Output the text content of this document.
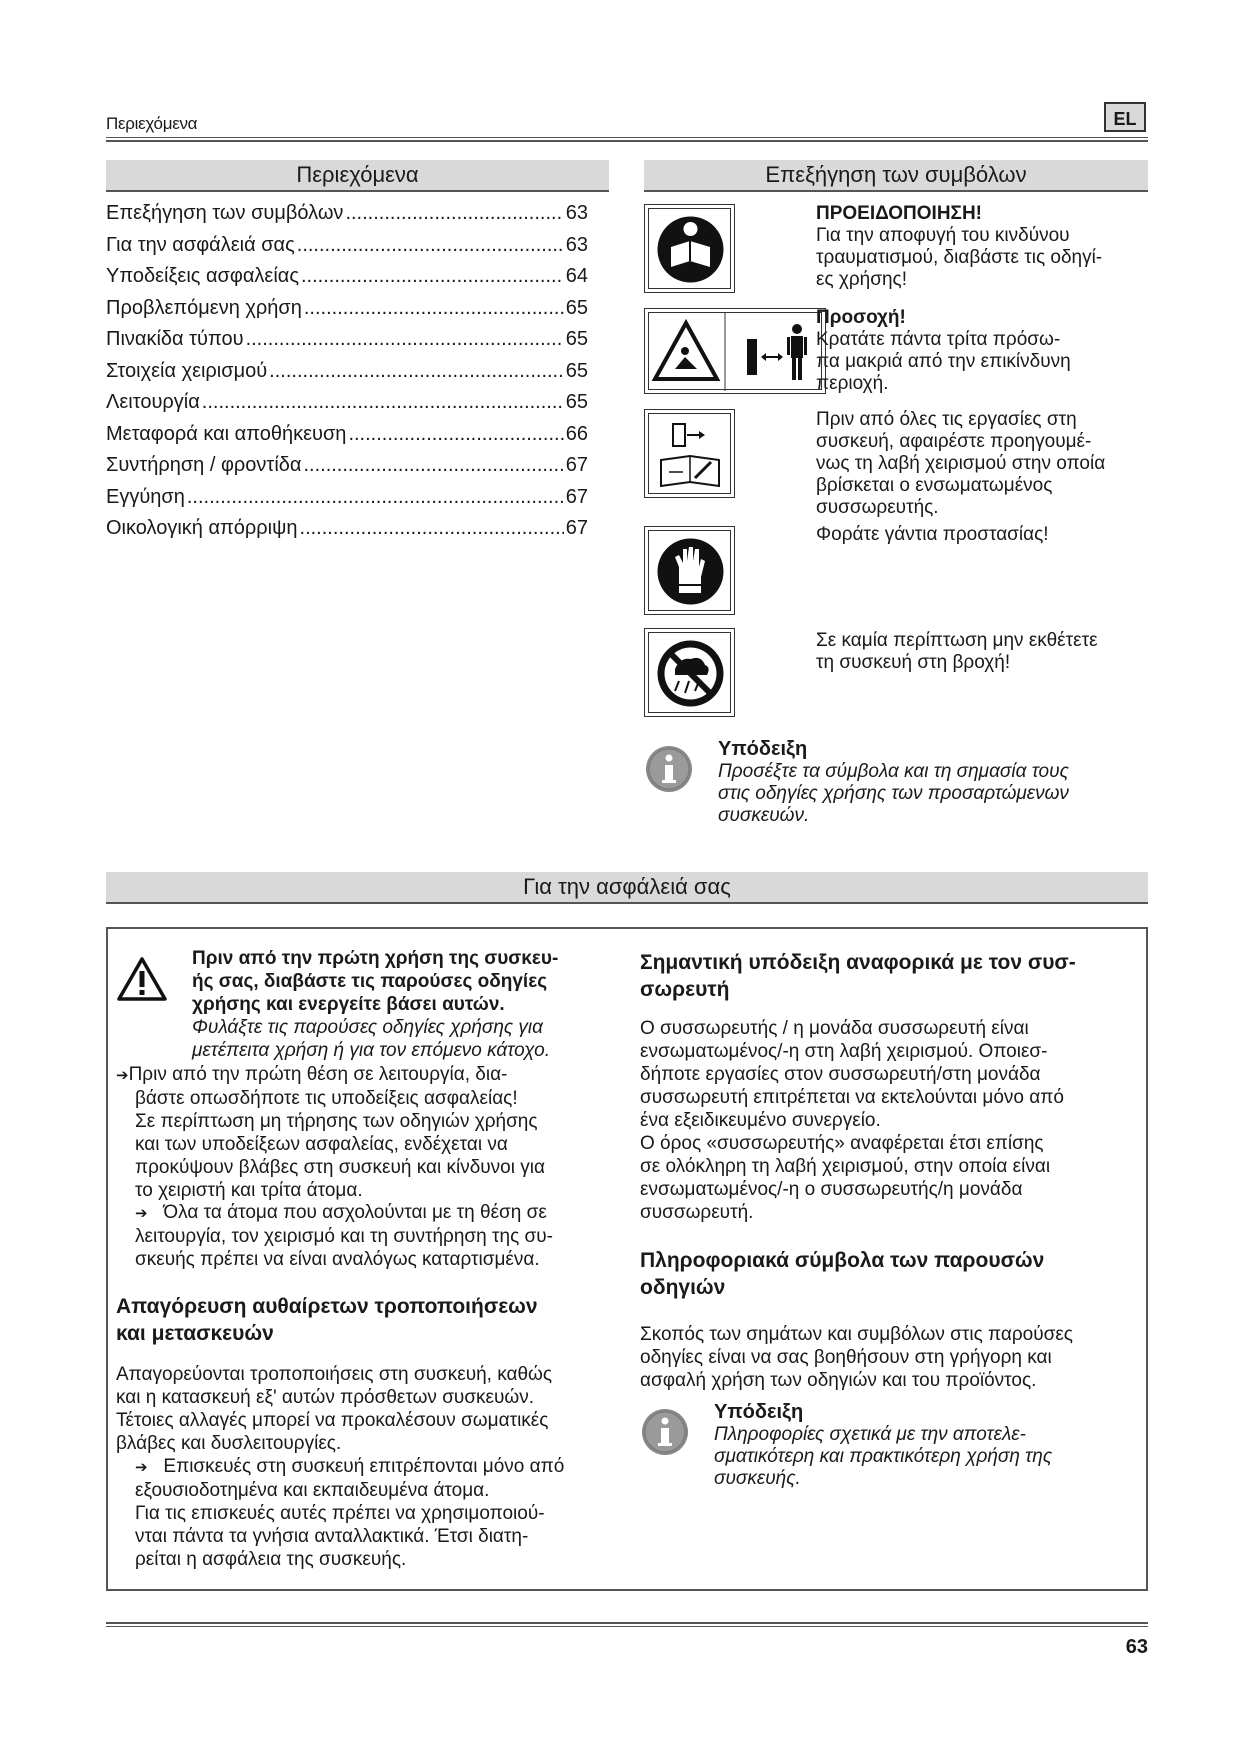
Περιεχόμενα	EL
Περιεχόμενα
Επεξήγηση των συμβόλων .....	63
Για την ασφάλειά σας .....	63
Υποδείξεις ασφαλείας .....	64
Προβλεπόμενη χρήση .....	65
Πινακίδα τύπου .....	65
Στοιχεία χειρισμού .....	65
Λειτουργία .....	65
Μεταφορά και αποθήκευση .....	66
Συντήρηση / φροντίδα .....	67
Εγγύηση .....	67
Οικολογική απόρριψη .....	67
Επεξήγηση των συμβόλων
ΠΡΟΕΙΔΟΠΟΙΗΣΗ!
Για την αποφυγή του κινδύνου
τραυματισμού, διαβάστε τις οδηγί-
ες χρήσης!
Προσοχή!
Κρατάτε πάντα τρίτα πρόσω-
πα μακριά από την επικίνδυνη
περιοχή.
Πριν από όλες τις εργασίες στη
συσκευή, αφαιρέστε προηγουμέ-
νως τη λαβή χειρισμού στην οποία
βρίσκεται ο ενσωματωμένος
συσσωρευτής.
Φοράτε γάντια προστασίας!
Σε καμία περίπτωση μην εκθέτετε
τη συσκευή στη βροχή!
Υπόδειξη
Προσέξτε τα σύμβολα και τη σημασία τους
στις οδηγίες χρήσης των προσαρτώμενων
συσκευών.
Για την ασφάλειά σας
Πριν από την πρώτη χρήση της συσκευ-
ής σας, διαβάστε τις παρούσες οδηγίες
χρήσης και ενεργείτε βάσει αυτών.
Φυλάξτε τις παρούσες οδηγίες χρήσης για
μετέπειτα χρήση ή για τον επόμενο κάτοχο.
➔Πριν από την πρώτη θέση σε λειτουργία, δια-
βάστε οπωσδήποτε τις υποδείξεις ασφαλείας!
Σε περίπτωση μη τήρησης των οδηγιών χρήσης
και των υποδείξεων ασφαλείας, ενδέχεται να
προκύψουν βλάβες στη συσκευή και κίνδυνοι για
το χειριστή και τρίτα άτομα.
➔ Όλα τα άτομα που ασχολούνται με τη θέση σε
λειτουργία, τον χειρισμό και τη συντήρηση της συ-
σκευής πρέπει να είναι αναλόγως καταρτισμένα.
Απαγόρευση αυθαίρετων τροποποιήσεων
και μετασκευών
Απαγορεύονται τροποποιήσεις στη συσκευή, καθώς
και η κατασκευή εξ' αυτών πρόσθετων συσκευών.
Τέτοιες αλλαγές μπορεί να προκαλέσουν σωματικές
βλάβες και δυσλειτουργίες.
➔ Επισκευές στη συσκευή επιτρέπονται μόνο από
εξουσιοδοτημένα και εκπαιδευμένα άτομα.
Για τις επισκευές αυτές πρέπει να χρησιμοποιού-
νται πάντα τα γνήσια ανταλλακτικά. Έτσι διατη-
ρείται η ασφάλεια της συσκευής.
Σημαντική υπόδειξη αναφορικά με τον συσ-
σωρευτή
Ο συσσωρευτής / η μονάδα συσσωρευτή είναι
ενσωματωμένος/-η στη λαβή χειρισμού. Οποιεσ-
δήποτε εργασίες στον συσσωρευτή/στη μονάδα
συσσωρευτή επιτρέπεται να εκτελούνται μόνο από
ένα εξειδικευμένο συνεργείο.
Ο όρος «συσσωρευτής» αναφέρεται έτσι επίσης
σε ολόκληρη τη λαβή χειρισμού, στην οποία είναι
ενσωματωμένος/-η ο συσσωρευτής/η μονάδα
συσσωρευτή.
Πληροφοριακά σύμβολα των παρουσών
οδηγιών
Σκοπός των σημάτων και συμβόλων στις παρούσες
οδηγίες είναι να σας βοηθήσουν στη γρήγορη και
ασφαλή χρήση των οδηγιών και του προϊόντος.
Υπόδειξη
Πληροφορίες σχετικά με την αποτελε-
σματικότερη και πρακτικότερη χρήση της
συσκευής.
63
